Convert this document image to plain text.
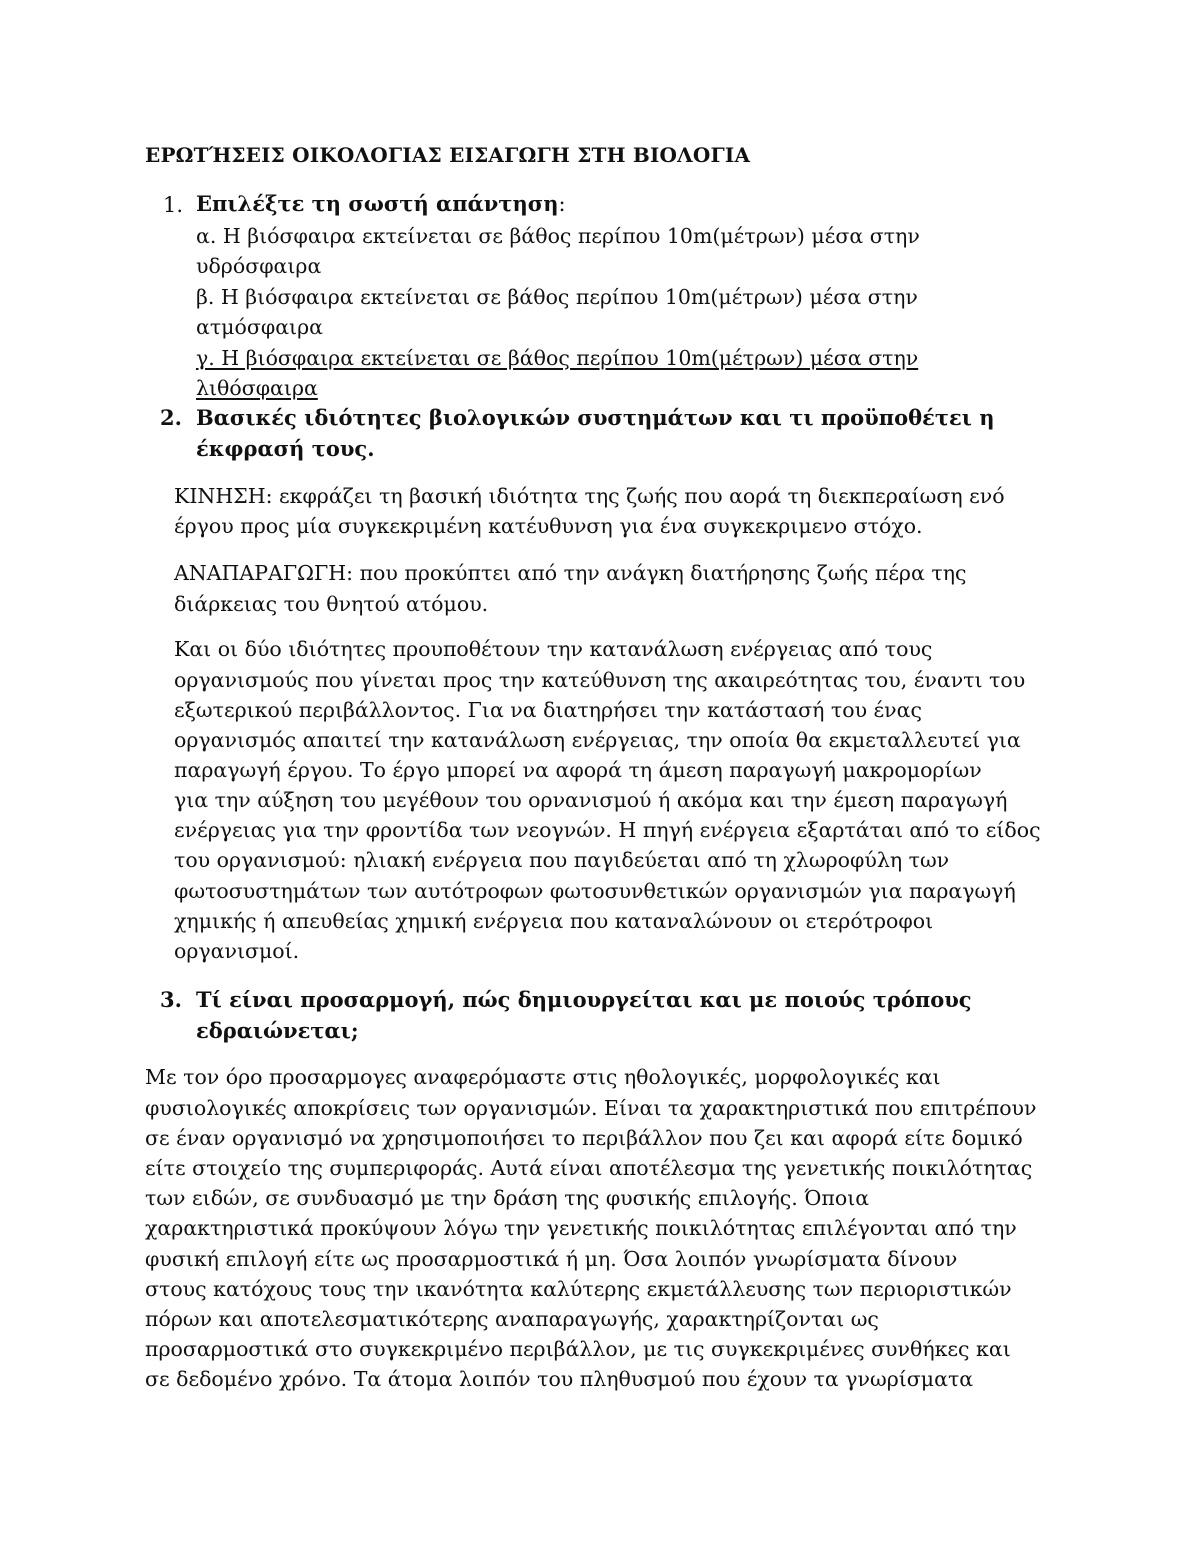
ΕΡΩΤΉΣΕΙΣ ΟΙΚΟΛΟΓΙΑΣ ΕΙΣΑΓΩΓΗ ΣΤΗ ΒΙΟΛΟΓΙΑ
1. Επιλέξτε τη σωστή απάντηση:
α. Η βιόσφαιρα εκτείνεται σε βάθος περίπου 10m(μέτρων) μέσα στην
υδρόσφαιρα
β. Η βιόσφαιρα εκτείνεται σε βάθος περίπου 10m(μέτρων) μέσα στην
ατμόσφαιρα
γ. Η βιόσφαιρα εκτείνεται σε βάθος περίπου 10m(μέτρων) μέσα στην
λιθόσφαιρα
2. Βασικές ιδιότητες βιολογικών συστημάτων και τι προϋποθέτει η
έκφρασή τους.
ΚΙΝΗΣΗ: εκφράζει τη βασική ιδιότητα της ζωής που αορά τη διεκπεραίωση ενό
έργου προς μία συγκεκριμένη κατέυθυνση για ένα συγκεκριμενο στόχο.
ΑΝΑΠΑΡΑΓΩΓΗ: που προκύπτει από την ανάγκη διατήρησης ζωής πέρα της
διάρκειας του θνητού ατόμου.
Και οι δύο ιδιότητες προυποθέτουν την κατανάλωση ενέργειας από τους
οργανισμούς που γίνεται προς την κατεύθυνση της ακαιρεότητας του, έναντι του
εξωτερικού περιβάλλοντος. Για να διατηρήσει την κατάστασή του ένας
οργανισμός απαιτεί την κατανάλωση ενέργειας, την οποία θα εκμεταλλευτεί για
παραγωγή έργου. Το έργο μπορεί να αφορά τη άμεση παραγωγή μακρομορίων
για την αύξηση του μεγέθουν του ορνανισμού ή ακόμα και την έμεση παραγωγή
ενέργειας για την φροντίδα των νεογνών. Η πηγή ενέργεια εξαρτάται από το είδος
του οργανισμού: ηλιακή ενέργεια που παγιδεύεται από τη χλωροφύλη των
φωτοσυστημάτων των αυτότροφων φωτοσυνθετικών οργανισμών για παραγωγή
χημικής ή απευθείας χημική ενέργεια που καταναλώνουν οι ετερότροφοι
οργανισμοί.
3. Τί είναι προσαρμογή, πώς δημιουργείται και με ποιούς τρόπους
εδραιώνεται;
Με τον όρο προσαρμογες αναφερόμαστε στις ηθολογικές, μορφολογικές και
φυσιολογικές αποκρίσεις των οργανισμών. Είναι τα χαρακτηριστικά που επιτρέπουν
σε έναν οργανισμό να χρησιμοποιήσει το περιβάλλον που ζει και αφορά είτε δομικό
είτε στοιχείο της συμπεριφοράς. Αυτά είναι αποτέλεσμα της γενετικής ποικιλότητας
των ειδών, σε συνδυασμό με την δράση της φυσικής επιλογής. Όποια
χαρακτηριστικά προκύψουν λόγω την γενετικής ποικιλότητας επιλέγονται από την
φυσική επιλογή είτε ως προσαρμοστικά ή μη. Όσα λοιπόν γνωρίσματα δίνουν
στους κατόχους τους την ικανότητα καλύτερης εκμετάλλευσης των περιοριστικών
πόρων και αποτελεσματικότερης αναπαραγωγής, χαρακτηρίζονται ως
προσαρμοστικά στο συγκεκριμένο περιβάλλον, με τις συγκεκριμένες συνθήκες και
σε δεδομένο χρόνο. Τα άτομα λοιπόν του πληθυσμού που έχουν τα γνωρίσματα
